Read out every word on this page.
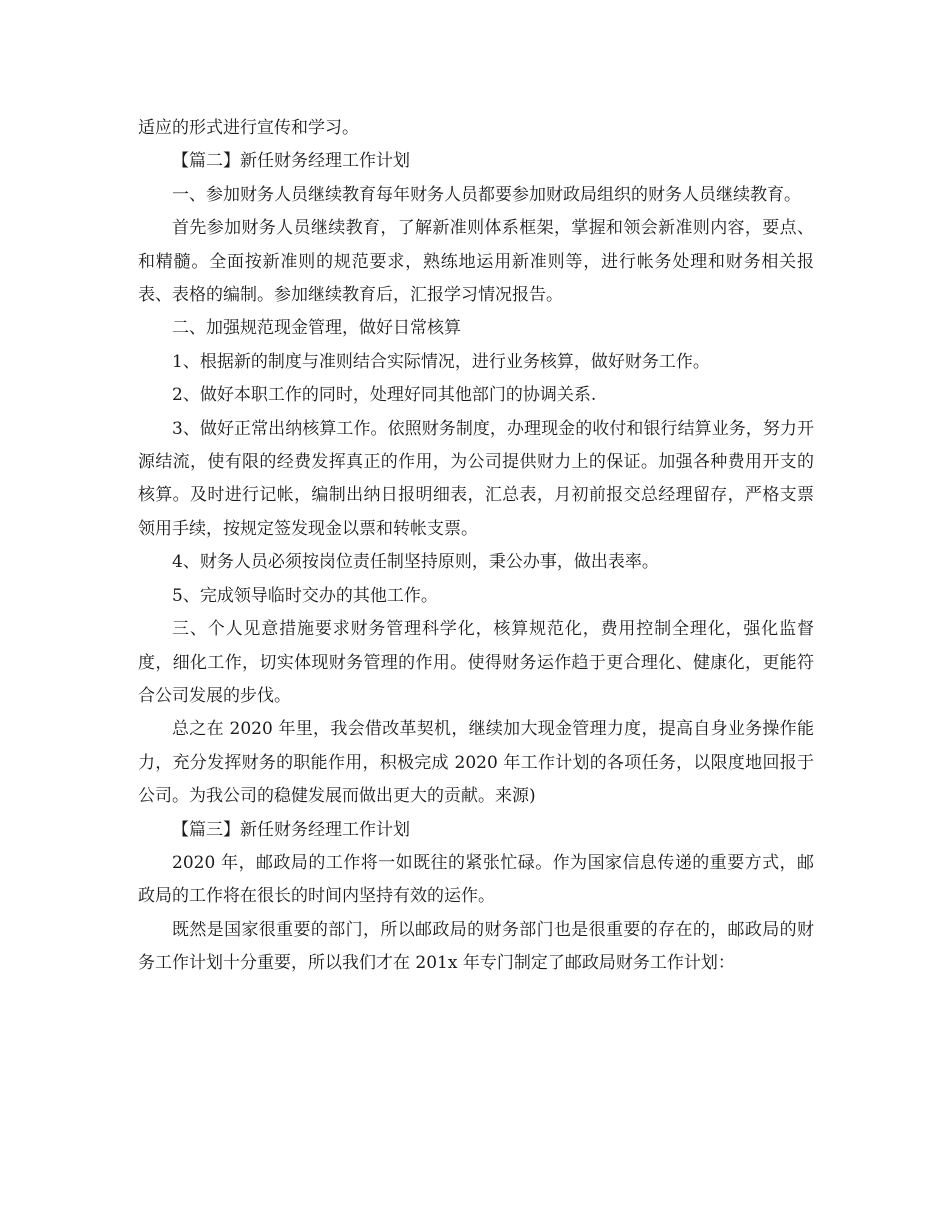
适应的形式进行宣传和学习。

【篇二】新任财务经理工作计划

一、参加财务人员继续教育每年财务人员都要参加财政局组织的财务人员继续教育。

首先参加财务人员继续教育，了解新准则体系框架，掌握和领会新准则内容，要点、和精髓。全面按新准则的规范要求，熟练地运用新准则等，进行帐务处理和财务相关报表、表格的编制。参加继续教育后，汇报学习情况报告。

二、加强规范现金管理，做好日常核算

1、根据新的制度与准则结合实际情况，进行业务核算，做好财务工作。

2、做好本职工作的同时，处理好同其他部门的协调关系.

3、做好正常出纳核算工作。依照财务制度，办理现金的收付和银行结算业务，努力开源结流，使有限的经费发挥真正的作用，为公司提供财力上的保证。加强各种费用开支的核算。及时进行记帐，编制出纳日报明细表，汇总表，月初前报交总经理留存，严格支票领用手续，按规定签发现金以票和转帐支票。

4、财务人员必须按岗位责任制坚持原则，秉公办事，做出表率。

5、完成领导临时交办的其他工作。

三、个人见意措施要求财务管理科学化，核算规范化，费用控制全理化，强化监督度，细化工作，切实体现财务管理的作用。使得财务运作趋于更合理化、健康化，更能符合公司发展的步伐。

总之在 2020 年里，我会借改革契机，继续加大现金管理力度，提高自身业务操作能力，充分发挥财务的职能作用，积极完成 2020 年工作计划的各项任务，以限度地回报于公司。为我公司的稳健发展而做出更大的贡献。来源)

【篇三】新任财务经理工作计划

2020 年，邮政局的工作将一如既往的紧张忙碌。作为国家信息传递的重要方式，邮政局的工作将在很长的时间内坚持有效的运作。

既然是国家很重要的部门，所以邮政局的财务部门也是很重要的存在的，邮政局的财务工作计划十分重要，所以我们才在 201x 年专门制定了邮政局财务工作计划：
